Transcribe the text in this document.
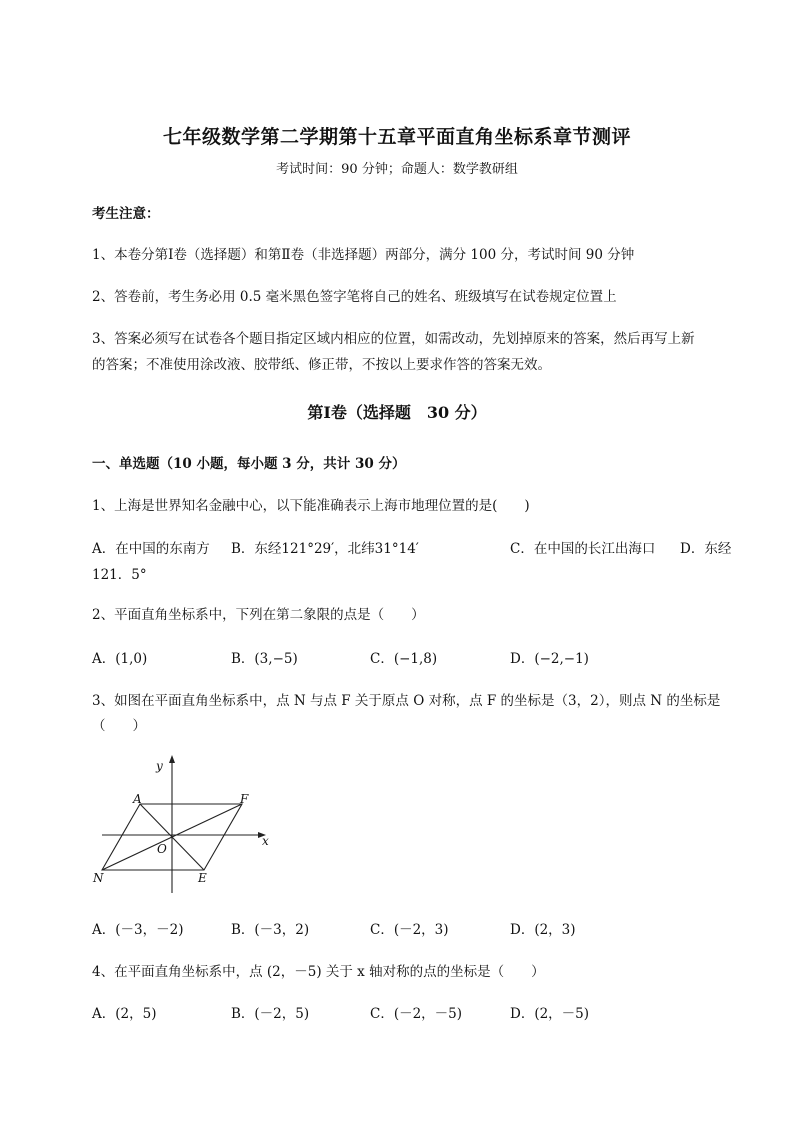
七年级数学第二学期第十五章平面直角坐标系章节测评
考试时间：90 分钟；命题人：数学教研组
考生注意：
1、本卷分第Ⅰ卷（选择题）和第Ⅱ卷（非选择题）两部分，满分 100 分，考试时间 90 分钟
2、答卷前，考生务必用 0.5 毫米黑色签字笔将自己的姓名、班级填写在试卷规定位置上
3、答案必须写在试卷各个题目指定区域内相应的位置，如需改动，先划掉原来的答案，然后再写上新
的答案；不准使用涂改液、胶带纸、修正带，不按以上要求作答的答案无效。
第Ⅰ卷（选择题　30 分）
一、单选题（10 小题，每小题 3 分，共计 30 分）
1、上海是世界知名金融中心，以下能准确表示上海市地理位置的是(　　)
A．在中国的东南方 B．东经121°29′，北纬31°14′	C．在中国的长江出海口 D．东经
121．5°
2、平面直角坐标系中，下列在第二象限的点是（　　）
A．(1,0)	B．(3,−5)	C．(−1,8)	D．(−2,−1)
3、如图在平面直角坐标系中，点 N 与点 F 关于原点 O 对称，点 F 的坐标是（3，2），则点 N 的坐标是
（　　）
y
x
A	F
O
N	E
A．(－3，－2)	B．(－3，2)	C．(－2，3)	D．(2，3)
4、在平面直角坐标系中，点 (2，－5) 关于 x 轴对称的点的坐标是（　　）
A．(2，5)	B．(－2，5)	C．(－2，－5)	D．(2，－5)
